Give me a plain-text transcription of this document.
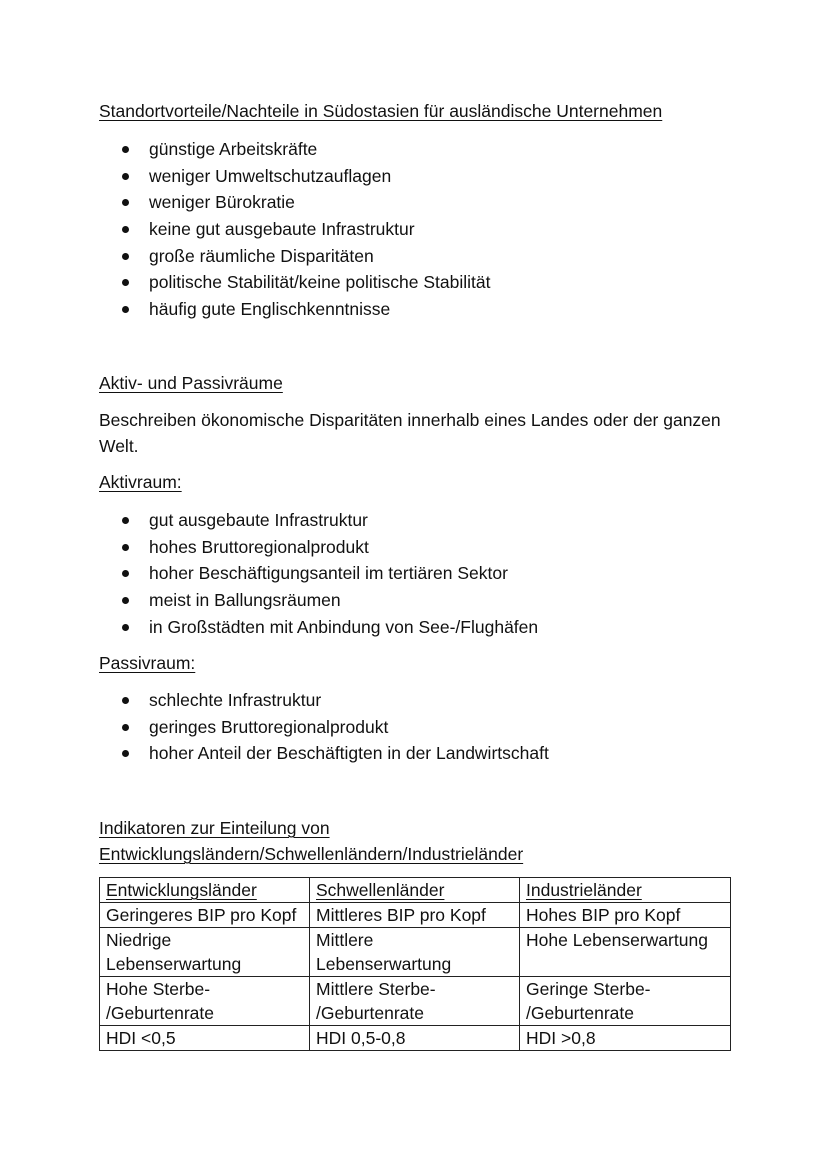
Standortvorteile/Nachteile in Südostasien für ausländische Unternehmen
günstige Arbeitskräfte
weniger Umweltschutzauflagen
weniger Bürokratie
keine gut ausgebaute Infrastruktur
große räumliche Disparitäten
politische Stabilität/keine politische Stabilität
häufig gute Englischkenntnisse
Aktiv- und Passivräume

Beschreiben ökonomische Disparitäten innerhalb eines Landes oder der ganzen Welt.

Aktivraum:
gut ausgebaute Infrastruktur
hohes Bruttoregionalprodukt
hoher Beschäftigungsanteil im tertiären Sektor
meist in Ballungsräumen
in Großstädten mit Anbindung von See-/Flughäfen
Passivraum:
schlechte Infrastruktur
geringes Bruttoregionalprodukt
hoher Anteil der Beschäftigten in der Landwirtschaft
Indikatoren zur Einteilung von
Entwicklungsländern/Schwellenländern/Industrieländer
Entwicklungsländer	Schwellenländer	Industrieländer
Geringeres BIP pro Kopf	Mittleres BIP pro Kopf	Hohes BIP pro Kopf
Niedrige Lebenserwartung	Mittlere Lebenserwartung	Hohe Lebenserwartung
Hohe Sterbe- /Geburtenrate	Mittlere Sterbe- /Geburtenrate	Geringe Sterbe- /Geburtenrate
HDI <0,5	HDI 0,5-0,8	HDI >0,8
